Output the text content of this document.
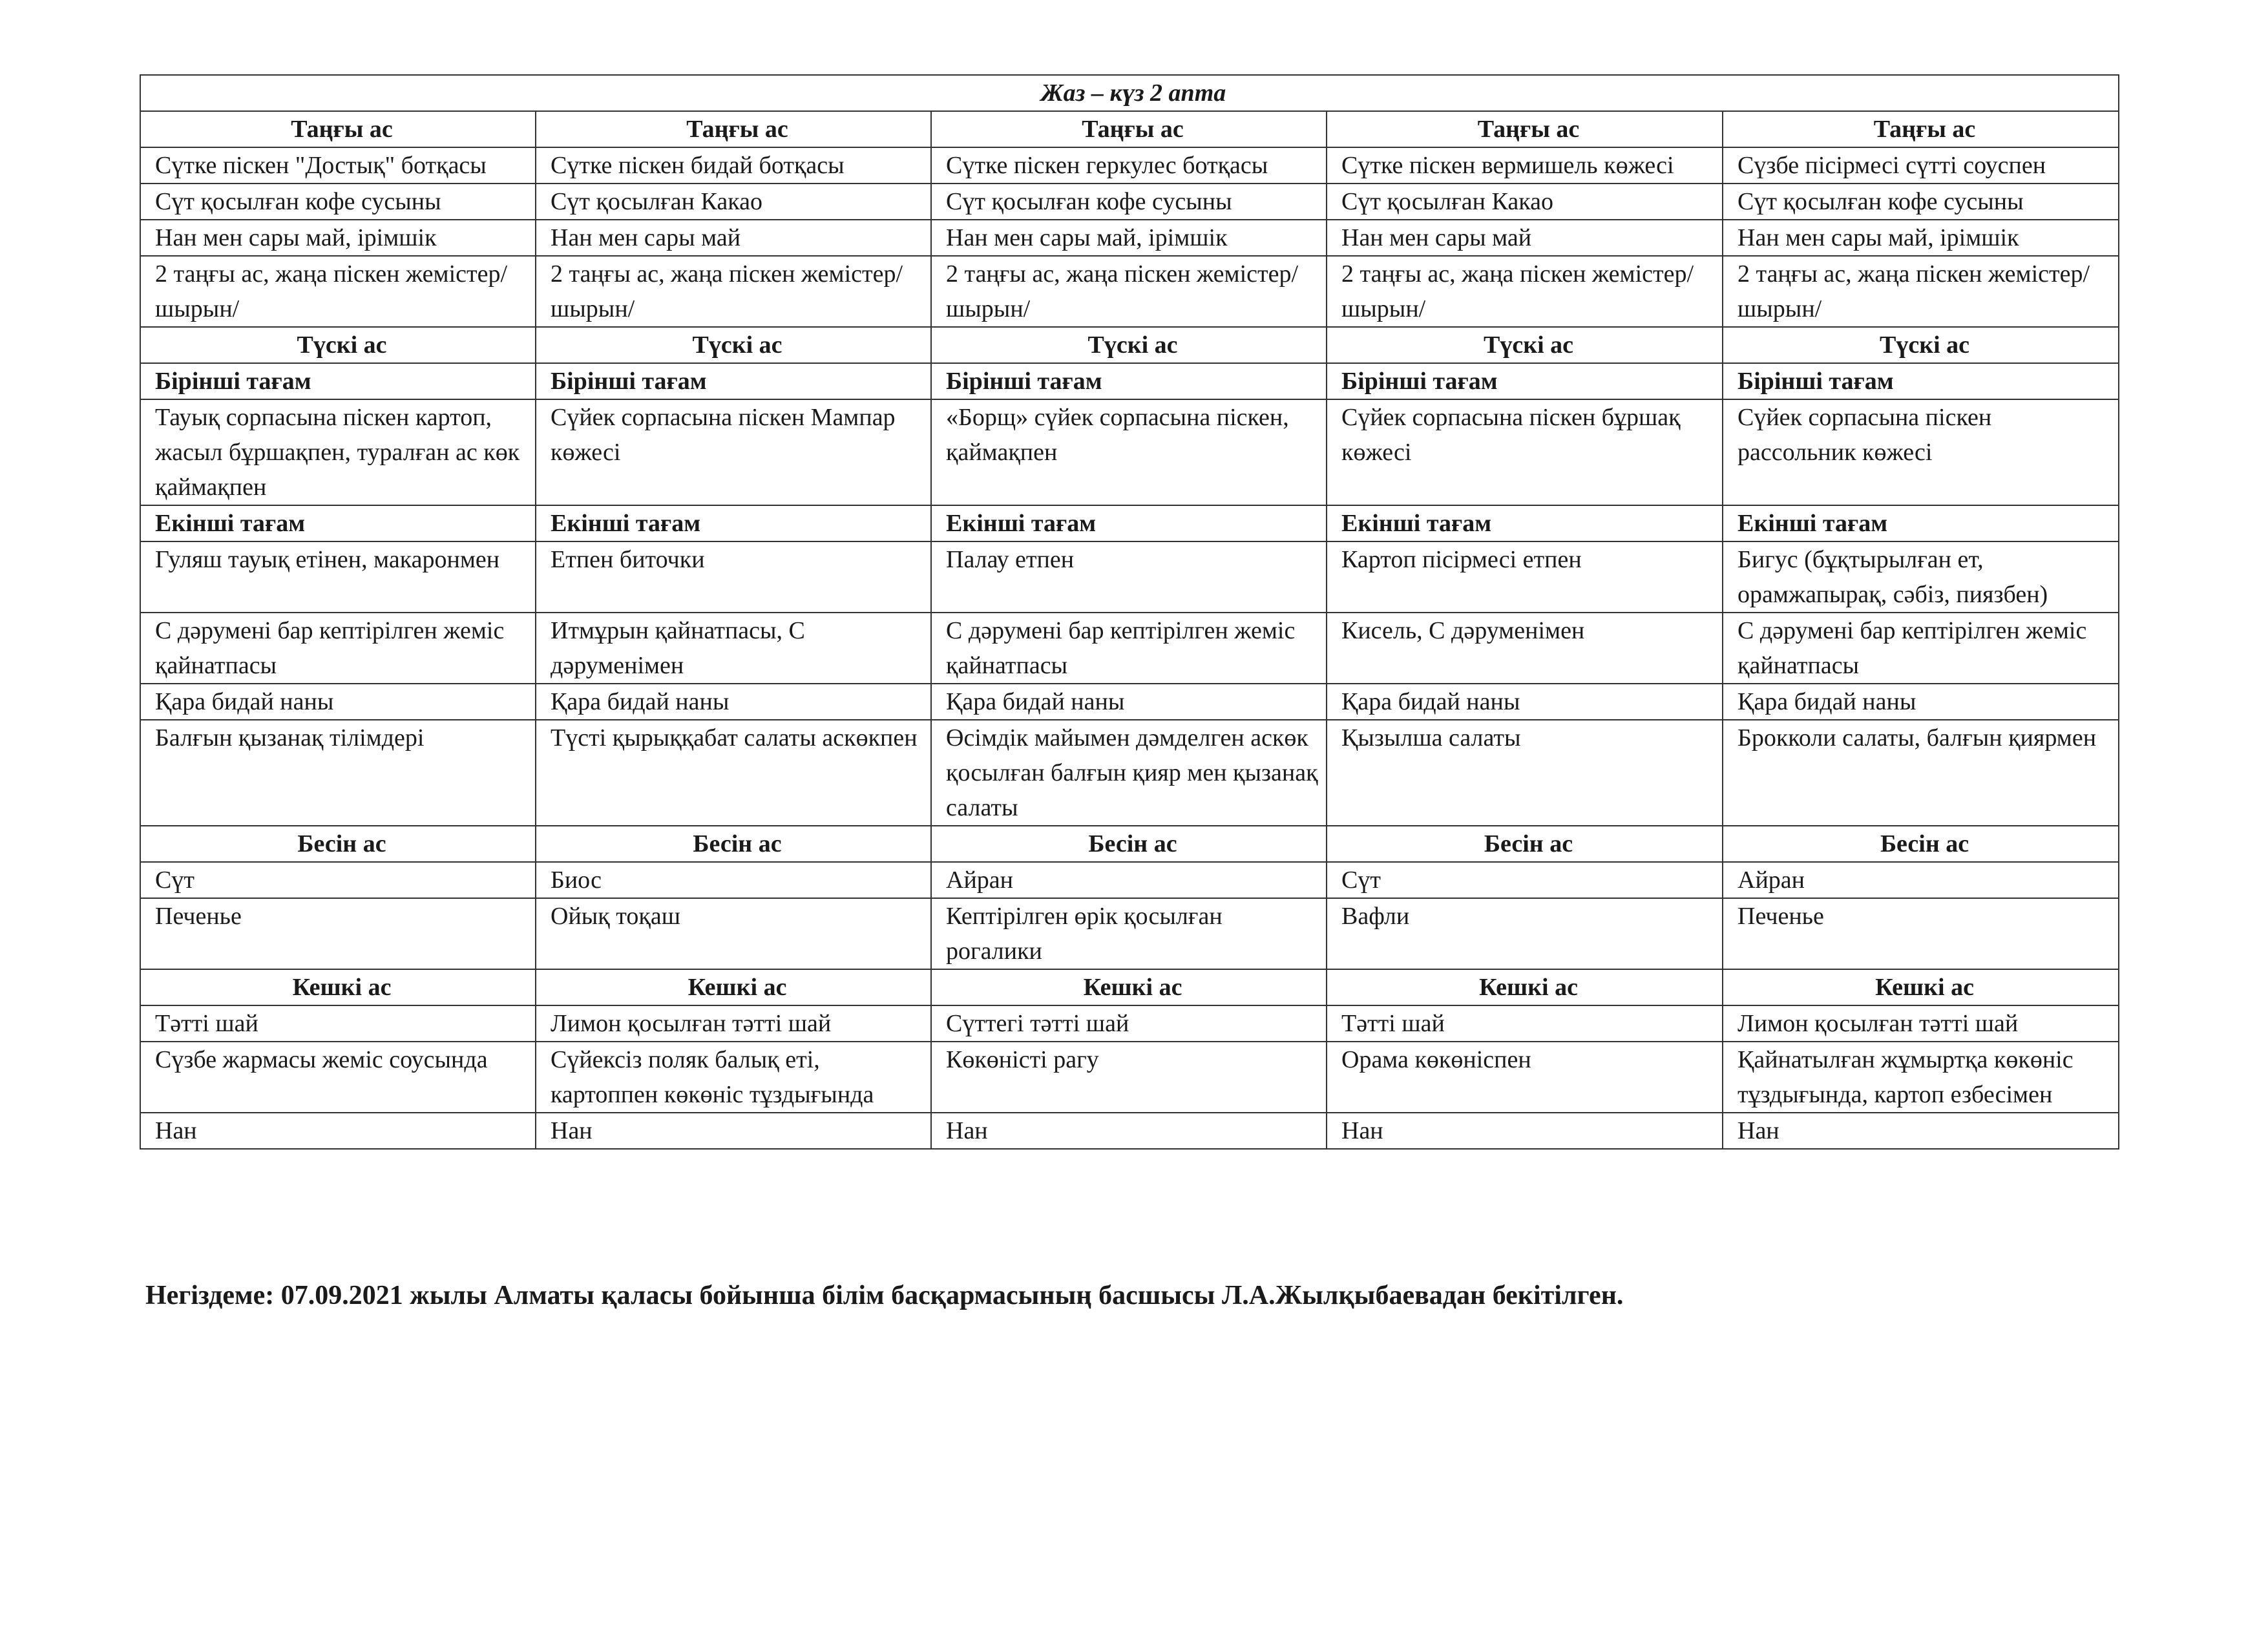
Жаз – күз 2 апта				
Таңғы ас	Таңғы ас	Таңғы ас	Таңғы ас	Таңғы ас
Сүтке піскен "Достық" ботқасы	Сүтке піскен бидай ботқасы	Сүтке піскен геркулес ботқасы	Сүтке піскен вермишель көжесі	Сүзбе пісірмесі сүтті соуспен
Сүт қосылған кофе сусыны	Сүт қосылған Какао	Сүт қосылған кофе сусыны	Сүт қосылған Какао	Сүт қосылған кофе сусыны
Нан мен сары май, ірімшік	Нан мен сары май	Нан мен сары май, ірімшік	Нан мен сары май	Нан мен сары май, ірімшік
2 таңғы ас, жаңа піскен жемістер/шырын/	2 таңғы ас, жаңа піскен жемістер/шырын/	2 таңғы ас, жаңа піскен жемістер/шырын/	2 таңғы ас, жаңа піскен жемістер/шырын/	2 таңғы ас, жаңа піскен жемістер/шырын/
Түскі ас	Түскі ас	Түскі ас	Түскі ас	Түскі ас
Бірінші тағам	Бірінші тағам	Бірінші тағам	Бірінші тағам	Бірінші тағам
Тауық сорпасына піскен картоп, жасыл бұршақпен, туралған ас көк қаймақпен	Сүйек сорпасына піскен Мампар көжесі	«Борщ» сүйек сорпасына піскен, қаймақпен	Сүйек сорпасына піскен бұршақ көжесі	Сүйек сорпасына піскен рассольник көжесі
Екінші тағам	Екінші тағам	Екінші тағам	Екінші тағам	Екінші тағам
Гуляш тауық етінен, макаронмен	Етпен биточки	Палау етпен	Картоп пісірмесі етпен	Бигус (бұқтырылған ет, орамжапырақ, сәбіз, пиязбен)
С дәрумені бар кептірілген жеміс қайнатпасы	Итмұрын қайнатпасы, С дәруменімен	С дәрумені бар кептірілген жеміс қайнатпасы	Кисель, С дәруменімен	С дәрумені бар кептірілген жеміс қайнатпасы
Қара бидай наны	Қара бидай наны	Қара бидай наны	Қара бидай наны	Қара бидай наны
Балғын қызанақ тілімдері	Түсті қырыққабат салаты аскөкпен	Өсімдік майымен дәмделген аскөк қосылған балғын қияр мен қызанақ салаты	Қызылша салаты	Брокколи салаты, балғын қиярмен
Бесін ас	Бесін ас	Бесін ас	Бесін ас	Бесін ас
Сүт	Биос	Айран	Сүт	Айран
Печенье	Ойық тоқаш	Кептірілген өрік қосылған рогалики	Вафли	Печенье
Кешкі ас	Кешкі ас	Кешкі ас	Кешкі ас	Кешкі ас
Тәтті шай	Лимон қосылған тәтті шай	Сүттегі тәтті шай	Тәтті шай	Лимон қосылған тәтті шай
Сүзбе жармасы жеміс соусында	Сүйексіз поляк балық еті, картоппен көкөніс тұздығында	Көкөністі рагу	Орама көкөніспен	Қайнатылған жұмыртқа көкөніс тұздығында, картоп езбесімен
Нан	Нан	Нан	Нан	Нан

Негіздеме: 07.09.2021 жылы Алматы қаласы бойынша білім басқармасының басшысы Л.А.Жылқыбаевадан бекітілген.
